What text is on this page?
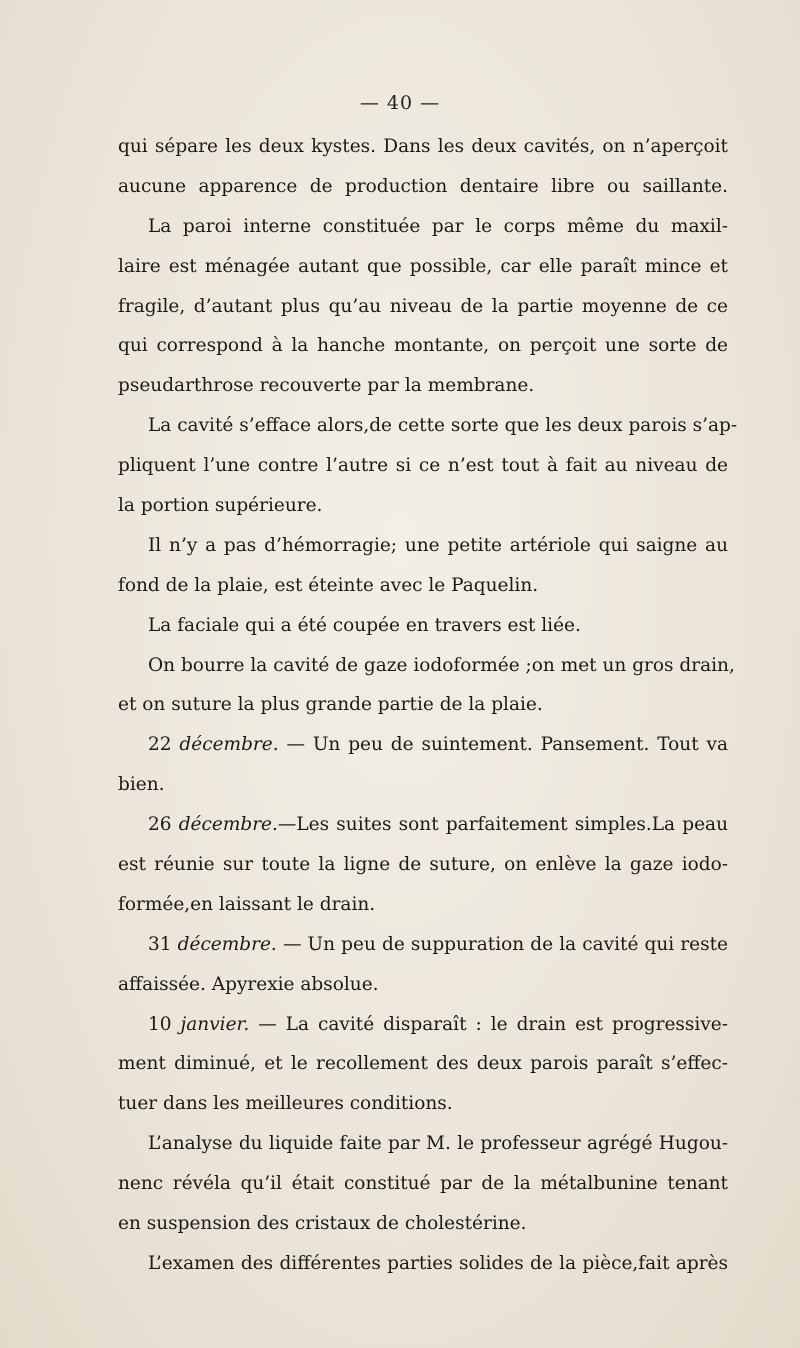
— 40 —
qui sépare les deux kystes. Dans les deux cavités, on n’aperçoit
aucune apparence de production dentaire libre ou saillante.
La paroi interne constituée par le corps même du maxil-
laire est ménagée autant que possible, car elle paraît mince et
fragile, d’autant plus qu’au niveau de la partie moyenne de ce
qui correspond à la hanche montante, on perçoit une sorte de
pseudarthrose recouverte par la membrane.
La cavité s’efface alors,de cette sorte que les deux parois s’ap-
pliquent l’une contre l’autre si ce n’est tout à fait au niveau de
la portion supérieure.
Il n’y a pas d’hémorragie; une petite artériole qui saigne au
fond de la plaie, est éteinte avec le Paquelin.
La faciale qui a été coupée en travers est liée.
On bourre la cavité de gaze iodoformée ;on met un gros drain,
et on suture la plus grande partie de la plaie.
22 décembre. — Un peu de suintement. Pansement. Tout va
bien.
26 décembre.—Les suites sont parfaitement simples.La peau
est réunie sur toute la ligne de suture, on enlève la gaze iodo-
formée,en laissant le drain.
31 décembre. — Un peu de suppuration de la cavité qui reste
affaissée. Apyrexie absolue.
10 janvier. — La cavité disparaît : le drain est progressive-
ment diminué, et le recollement des deux parois paraît s’effec-
tuer dans les meilleures conditions.
L’analyse du liquide faite par M. le professeur agrégé Hugou-
nenc révéla qu’il était constitué par de la métalbunine tenant
en suspension des cristaux de cholestérine.
L’examen des différentes parties solides de la pièce,fait après
